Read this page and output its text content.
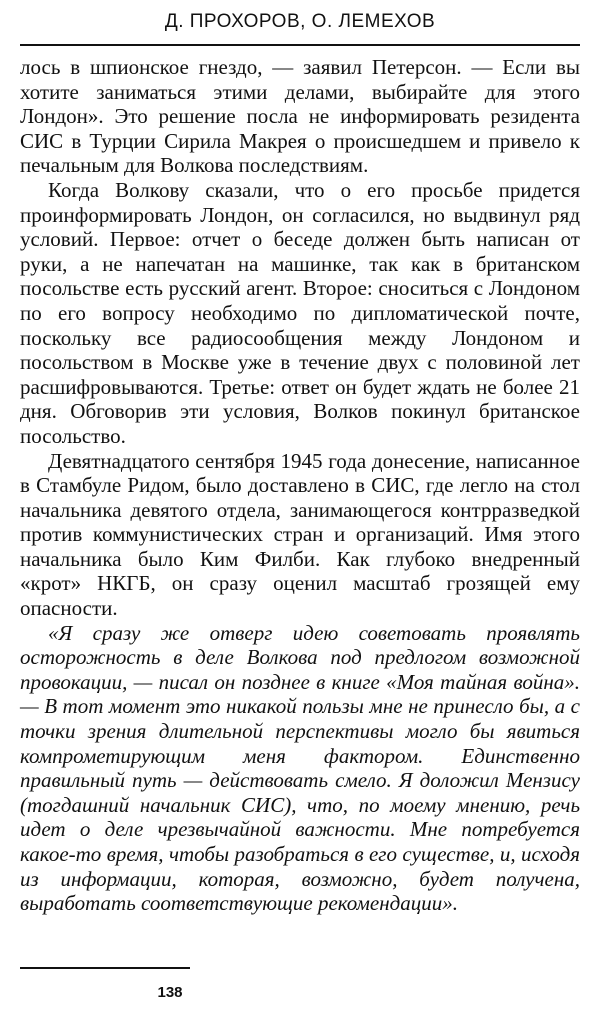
Д. ПРОХОРОВ, О. ЛЕМЕХОВ

лось в шпионское гнездо, — заявил Петерсон. — Если вы хотите заниматься этими делами, выбирайте для этого Лондон». Это решение посла не информировать резидента СИС в Турции Сирила Макрея о происшедшем и привело к печальным для Волкова последствиям.

Когда Волкову сказали, что о его просьбе придется проинформировать Лондон, он согласился, но выдвинул ряд условий. Первое: отчет о беседе должен быть написан от руки, а не напечатан на машинке, так как в британском посольстве есть русский агент. Второе: сноситься с Лондоном по его вопросу необходимо по дипломатической почте, поскольку все радиосообщения между Лондоном и посольством в Москве уже в течение двух с половиной лет расшифровываются. Третье: ответ он будет ждать не более 21 дня. Обговорив эти условия, Волков покинул британское посольство.

Девятнадцатого сентября 1945 года донесение, написанное в Стамбуле Ридом, было доставлено в СИС, где легло на стол начальника девятого отдела, занимающегося контрразведкой против коммунистических стран и организаций. Имя этого начальника было Ким Филби. Как глубоко внедренный «крот» НКГБ, он сразу оценил масштаб грозящей ему опасности.

«Я сразу же отверг идею советовать проявлять осторожность в деле Волкова под предлогом возможной провокации, — писал он позднее в книге «Моя тайная война». — В тот момент это никакой пользы мне не принесло бы, а с точки зрения длительной перспективы могло бы явиться компрометирующим меня фактором. Единственно правильный путь — действовать смело. Я доложил Мензису (тогдашний начальник СИС), что, по моему мнению, речь идет о деле чрезвычайной важности. Мне потребуется какое-то время, чтобы разобраться в его существе, и, исходя из информации, которая, возможно, будет получена, выработать соответствующие рекомендации».

138
